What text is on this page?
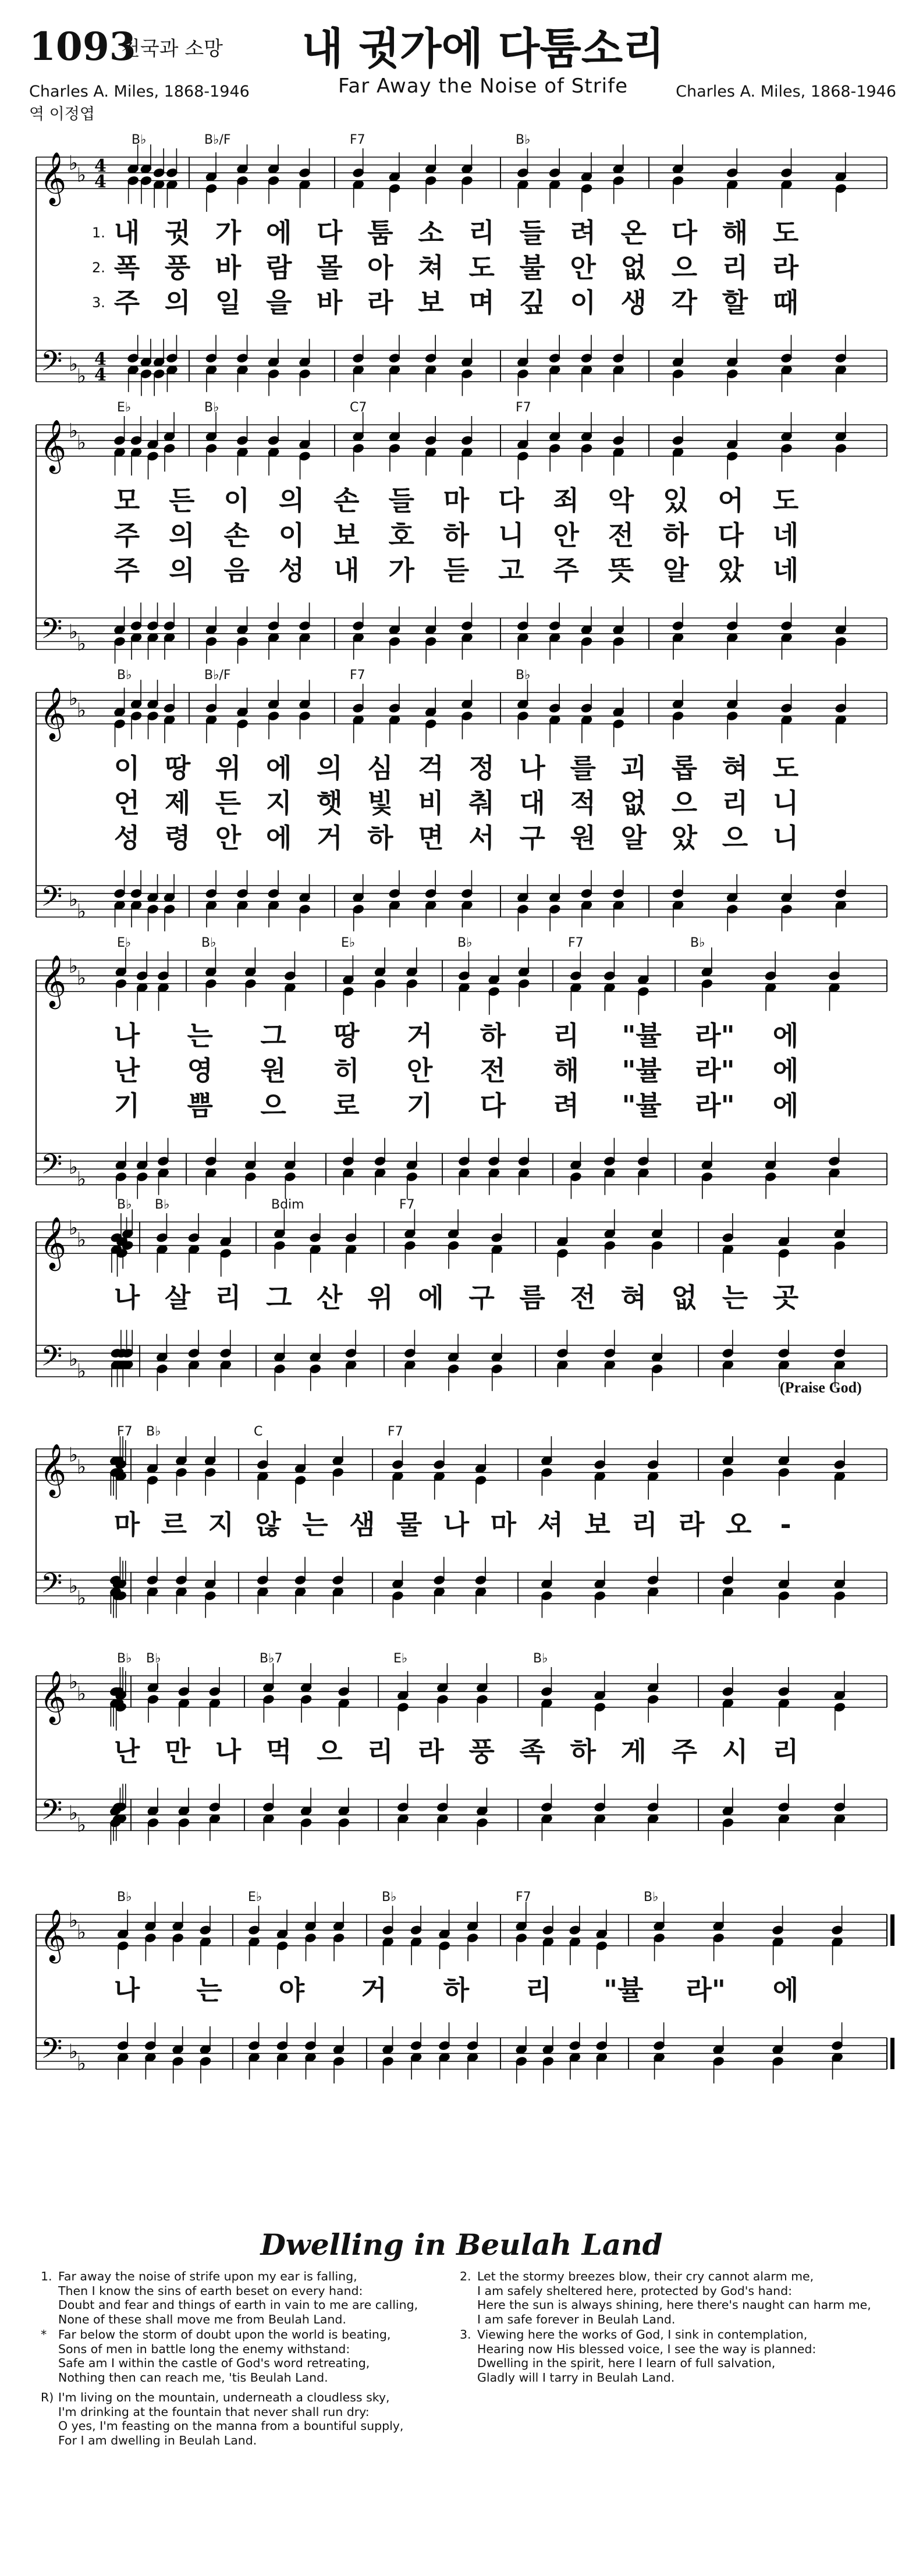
1093
천국과 소망	내 귓가에 다툼소리
Far Away the Noise of Strife
Charles A. Miles, 1868-1946
역 이정엽
Charles A. Miles, 1868-1946
𝄞
𝄢
♭
♭
♭
♭
4
4
4
4
B♭	B♭/F	F7	B♭
1. 내 귓 가 에 다 툼 소 리 들 려 온 다 해 도
2. 폭 풍 바 람 몰 아 쳐 도 불 안 없 으 리 라
3. 주 의 일 을 바 라 보 며 깊 이 생 각 할 때
𝄞
𝄢
♭
♭
♭
♭
E♭	B♭	C7	F7
모 든 이 의 손 들 마 다 죄 악 있 어 도
주 의 손 이 보 호 하 니 안 전 하 다 네
주 의 음 성 내 가 듣 고 주 뜻 알 았 네
𝄞
𝄢
♭
♭
♭
♭
B♭	B♭/F	F7	B♭
이 땅 위 에 의 심 걱 정 나 를 괴 롭 혀 도
언 제 든 지 햇 빛 비 춰 대 적 없 으 리 니
성 령 안 에 거 하 면 서 구 원 알 았 으 니
𝄞
𝄢
♭
♭
♭
♭
E♭	B♭	E♭	B♭	F7	B♭
나 는 그 땅 거 하 리 "뷸 라" 에
난 영 원 히 안 전 해 "뷸 라" 에
기 쁨 으 로 기 다 려 "뷸 라" 에
𝄞
𝄢
♭
♭
♭
♭
B♭ B♭	Bdim	F7
나 살 리 그 산 위 에 구 름 전 혀 없 는 곳
(Praise God)
𝄞
𝄢
♭
♭
♭
♭
F7 B♭	C	F7
마 르 지 않 는 샘 물 나 마 셔 보 리 라 오	-
𝄞
𝄢
♭
♭
♭
♭
B♭ B♭	B♭7	E♭	B♭
난 만 나 먹 으 리 라 풍 족 하 게 주 시 리
𝄞
𝄢
♭
♭
♭
♭
B♭	E♭	B♭	F7	B♭
나 는 야 거 하 리 "뷸 라" 에
Dwelling in Beulah Land
1. Far away the noise of strife upon my ear is falling,
Then I know the sins of earth beset on every hand:
Doubt and fear and things of earth in vain to me are calling,
None of these shall move me from Beulah Land.
* Far below the storm of doubt upon the world is beating,
Sons of men in battle long the enemy withstand:
Safe am I within the castle of God's word retreating,
Nothing then can reach me, 'tis Beulah Land.
R) I'm living on the mountain, underneath a cloudless sky,
I'm drinking at the fountain that never shall run dry:
O yes, I'm feasting on the manna from a bountiful supply,
For I am dwelling in Beulah Land.
2. Let the stormy breezes blow, their cry cannot alarm me,
I am safely sheltered here, protected by God's hand:
Here the sun is always shining, here there's naught can harm me,
I am safe forever in Beulah Land.
3. Viewing here the works of God, I sink in contemplation,
Hearing now His blessed voice, I see the way is planned:
Dwelling in the spirit, here I learn of full salvation,
Gladly will I tarry in Beulah Land.
